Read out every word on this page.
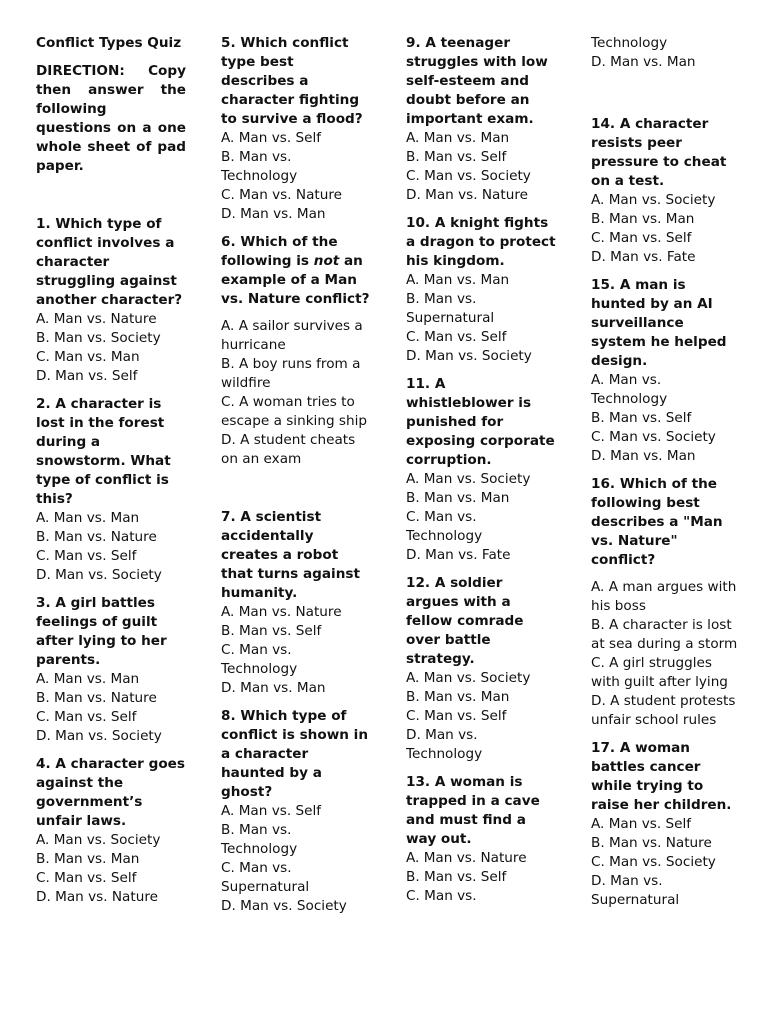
Conflict Types Quiz
DIRECTION: Copy then answer the following questions on a one whole sheet of pad paper.
1. Which type of conflict involves a character struggling against another character?
A. Man vs. Nature
B. Man vs. Society
C. Man vs. Man
D. Man vs. Self
2. A character is lost in the forest during a snowstorm. What type of conflict is this?
A. Man vs. Man
B. Man vs. Nature
C. Man vs. Self
D. Man vs. Society
3. A girl battles feelings of guilt after lying to her parents.
A. Man vs. Man
B. Man vs. Nature
C. Man vs. Self
D. Man vs. Society
4. A character goes against the government’s unfair laws.
A. Man vs. Society
B. Man vs. Man
C. Man vs. Self
D. Man vs. Nature
5. Which conflict type best describes a character fighting to survive a flood?
A. Man vs. Self
B. Man vs. Technology
C. Man vs. Nature
D. Man vs. Man
6. Which of the following is not an example of a Man vs. Nature conflict?
A. A sailor survives a hurricane
B. A boy runs from a wildfire
C. A woman tries to escape a sinking ship
D. A student cheats on an exam
7. A scientist accidentally creates a robot that turns against humanity.
A. Man vs. Nature
B. Man vs. Self
C. Man vs. Technology
D. Man vs. Man
8. Which type of conflict is shown in a character haunted by a ghost?
A. Man vs. Self
B. Man vs. Technology
C. Man vs. Supernatural
D. Man vs. Society
9. A teenager struggles with low self-esteem and doubt before an important exam.
A. Man vs. Man
B. Man vs. Self
C. Man vs. Society
D. Man vs. Nature
10. A knight fights a dragon to protect his kingdom.
A. Man vs. Man
B. Man vs. Supernatural
C. Man vs. Self
D. Man vs. Society
11. A whistleblower is punished for exposing corporate corruption.
A. Man vs. Society
B. Man vs. Man
C. Man vs. Technology
D. Man vs. Fate
12. A soldier argues with a fellow comrade over battle strategy.
A. Man vs. Society
B. Man vs. Man
C. Man vs. Self
D. Man vs. Technology
13. A woman is trapped in a cave and must find a way out.
A. Man vs. Nature
B. Man vs. Self
C. Man vs.
Technology
D. Man vs. Man
14. A character resists peer pressure to cheat on a test.
A. Man vs. Society
B. Man vs. Man
C. Man vs. Self
D. Man vs. Fate
15. A man is hunted by an AI surveillance system he helped design.
A. Man vs. Technology
B. Man vs. Self
C. Man vs. Society
D. Man vs. Man
16. Which of the following best describes a "Man vs. Nature" conflict?
A. A man argues with his boss
B. A character is lost at sea during a storm
C. A girl struggles with guilt after lying
D. A student protests unfair school rules
17. A woman battles cancer while trying to raise her children.
A. Man vs. Self
B. Man vs. Nature
C. Man vs. Society
D. Man vs. Supernatural
